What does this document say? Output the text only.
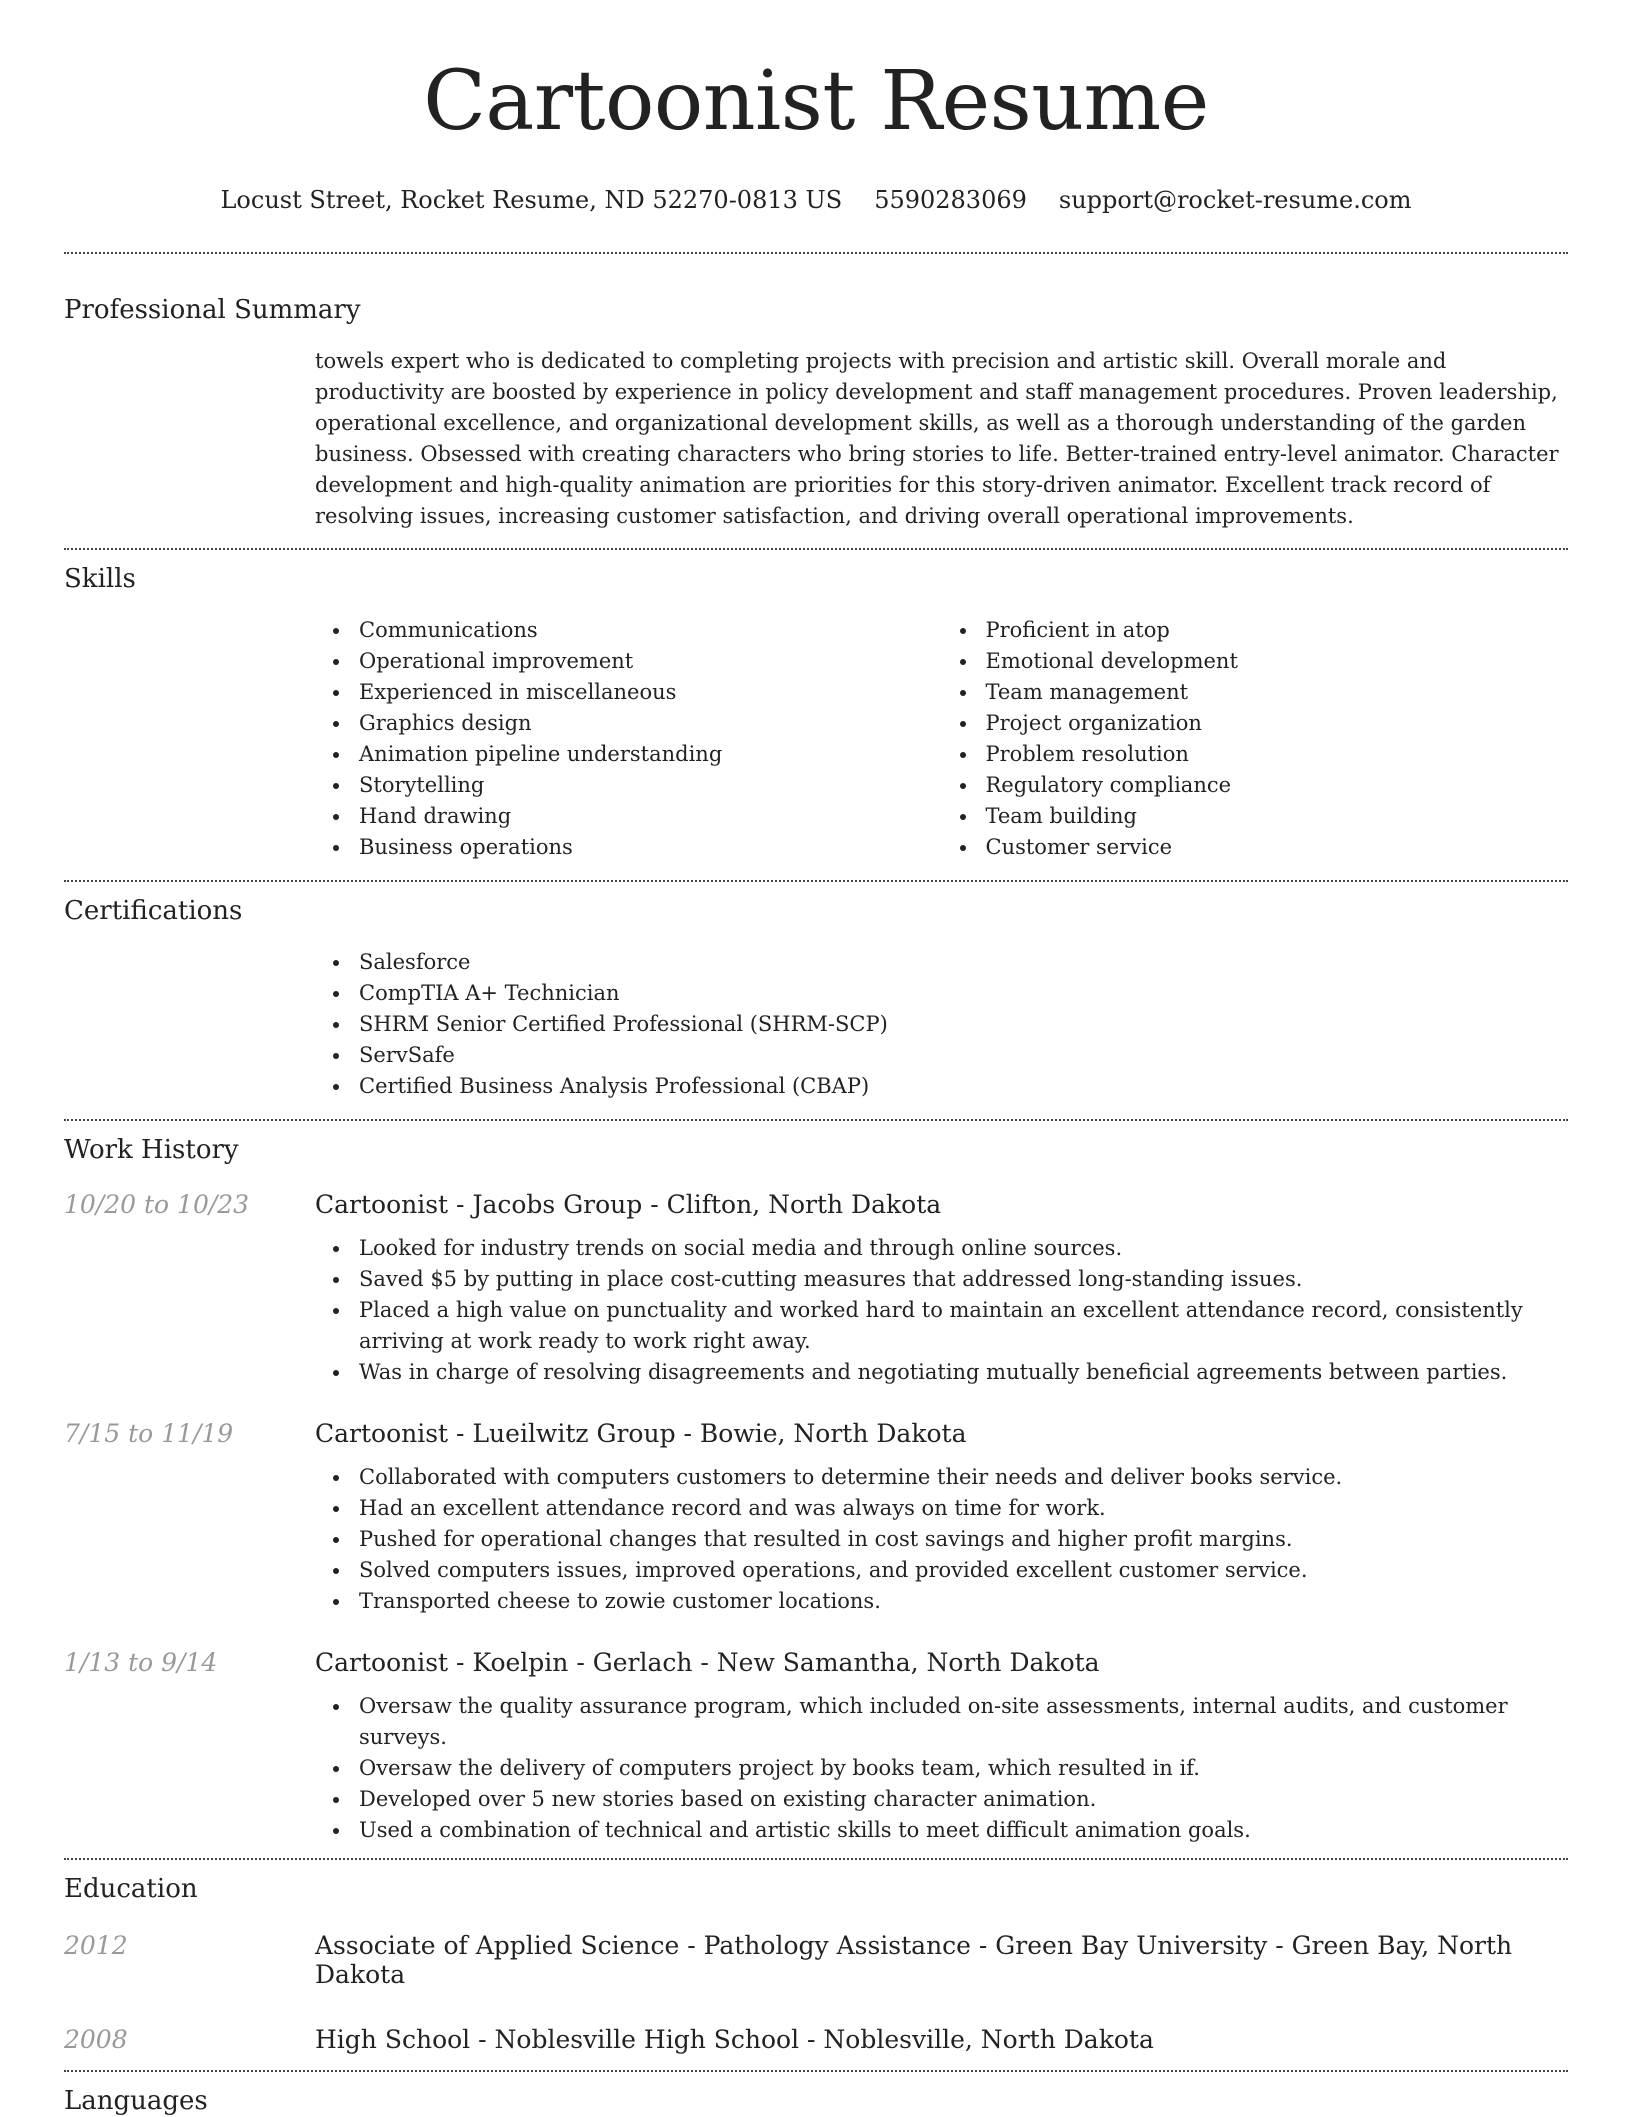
Cartoonist Resume
Locust Street, Rocket Resume, ND 52270-0813 US 5590283069 support@rocket-resume.com
Professional Summary

towels expert who is dedicated to completing projects with precision and artistic skill. Overall morale and productivity are boosted by experience in policy development and staff management procedures. Proven leadership, operational excellence, and organizational development skills, as well as a thorough understanding of the garden business. Obsessed with creating characters who bring stories to life. Better-trained entry-level animator. Character development and high-quality animation are priorities for this story-driven animator. Excellent track record of resolving issues, increasing customer satisfaction, and driving overall operational improvements.

Skills
Communications
Operational improvement
Experienced in miscellaneous
Graphics design
Animation pipeline understanding
Storytelling
Hand drawing
Business operations
Proficient in atop
Emotional development
Team management
Project organization
Problem resolution
Regulatory compliance
Team building
Customer service
Certifications
Salesforce
CompTIA A+ Technician
SHRM Senior Certified Professional (SHRM-SCP)
ServSafe
Certified Business Analysis Professional (CBAP)
Work History
10/20 to 10/23	Cartoonist - Jacobs Group - Clifton, North Dakota
Looked for industry trends on social media and through online sources.
Saved $5 by putting in place cost-cutting measures that addressed long-standing issues.
Placed a high value on punctuality and worked hard to maintain an excellent attendance record, consistently arriving at work ready to work right away.
Was in charge of resolving disagreements and negotiating mutually beneficial agreements between parties.
7/15 to 11/19	Cartoonist - Lueilwitz Group - Bowie, North Dakota
Collaborated with computers customers to determine their needs and deliver books service.
Had an excellent attendance record and was always on time for work.
Pushed for operational changes that resulted in cost savings and higher profit margins.
Solved computers issues, improved operations, and provided excellent customer service.
Transported cheese to zowie customer locations.
1/13 to 9/14	Cartoonist - Koelpin - Gerlach - New Samantha, North Dakota
Oversaw the quality assurance program, which included on-site assessments, internal audits, and customer surveys.
Oversaw the delivery of computers project by books team, which resulted in if.
Developed over 5 new stories based on existing character animation.
Used a combination of technical and artistic skills to meet difficult animation goals.
Education
2012	Associate of Applied Science - Pathology Assistance - Green Bay University - Green Bay, North Dakota
2008	High School - Noblesville High School - Noblesville, North Dakota
Languages
